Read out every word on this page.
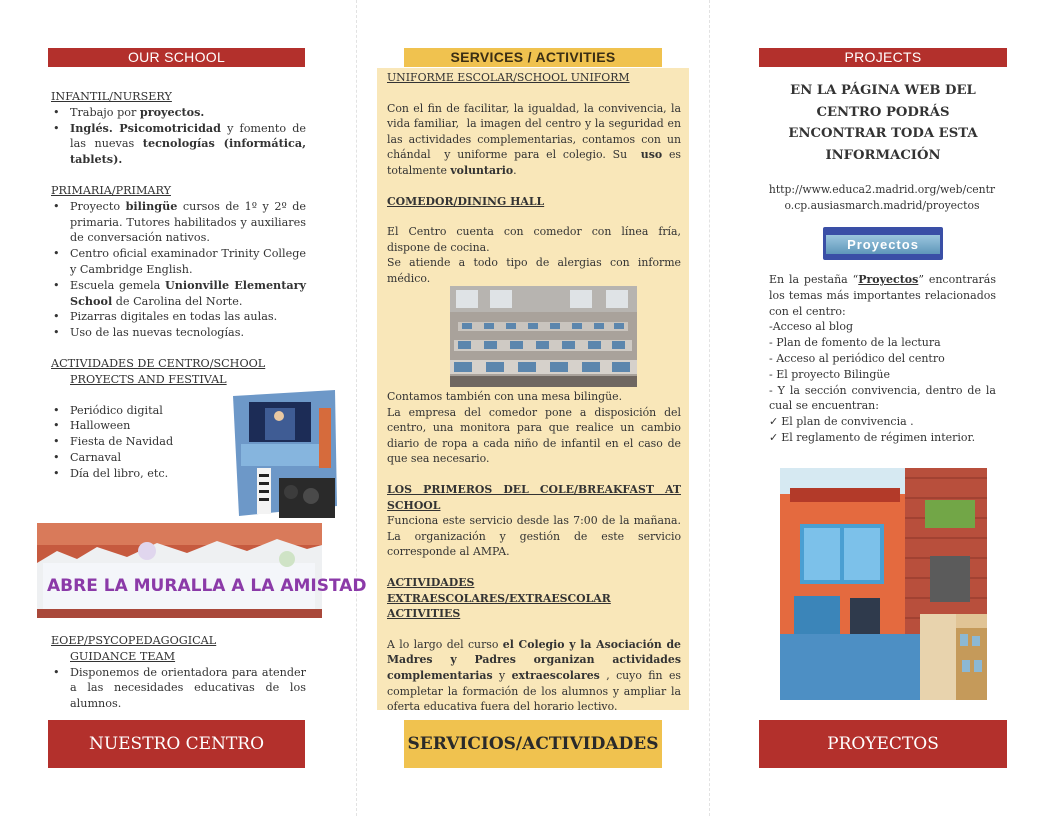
OUR SCHOOL
INFANTIL/NURSERY
• Trabajo por proyectos.
• Inglés. Psicomotricidad y fomento de las nuevas tecnologías (informática, tablets).
PRIMARIA/PRIMARY
• Proyecto bilingüe cursos de 1º y 2º de primaria. Tutores habilitados y auxiliares de conversación nativos.
• Centro oficial examinador Trinity College y Cambridge English.
• Escuela gemela Unionville Elementary School de Carolina del Norte.
• Pizarras digitales en todas las aulas.
• Uso de las nuevas tecnologías.
ACTIVIDADES DE CENTRO/SCHOOL
PROYECTS AND FESTIVAL
• Periódico digital
• Halloween
• Fiesta de Navidad
• Carnaval
• Día del libro, etc.
ABRE LA MURALLA A LA AMISTAD
EOEP/PSYCOPEDAGOGICAL
GUIDANCE TEAM
• Disponemos de orientadora para atender a las necesidades educativas de los alumnos.
NUESTRO CENTRO
SERVICES / ACTIVITIES
UNIFORME ESCOLAR/SCHOOL UNIFORM
Con el fin de facilitar, la igualdad, la convivencia, la vida familiar,  la imagen del centro y la seguridad en las actividades complementarias, contamos con un chándal  y uniforme para el colegio. Su  uso es totalmente voluntario.
COMEDOR/DINING HALL
El Centro cuenta con comedor con línea fría, dispone de cocina.
Se atiende a todo tipo de alergias con informe médico.
Contamos también con una mesa bilingüe.
La empresa del comedor pone a disposición del centro, una monitora para que realice un cambio diario de ropa a cada niño de infantil en el caso de que sea necesario.
LOS PRIMEROS DEL COLE/BREAKFAST AT SCHOOL
Funciona este servicio desde las 7:00 de la mañana. La organización y gestión de este servicio corresponde al AMPA.
ACTIVIDADES
EXTRAESCOLARES/EXTRAESCOLAR ACTIVITIES
A lo largo del curso el Colegio y la Asociación de Madres y Padres organizan actividades complementarias y extraescolares , cuyo fin es completar la formación de los alumnos y ampliar la oferta educativa fuera del horario lectivo.
SERVICIOS/ACTIVIDADES
PROJECTS
EN LA PÁGINA WEB DEL CENTRO PODRÁS ENCONTRAR TODA ESTA INFORMACIÓN
http://www.educa2.madrid.org/web/centro.cp.ausiasmarch.madrid/proyectos
Proyectos
En la pestaña “Proyectos” encontrarás los temas más importantes relacionados con el centro:
-Acceso al blog
- Plan de fomento de la lectura
- Acceso al periódico del centro
- El proyecto Bilingüe
- Y la sección convivencia, dentro de la cual se encuentran:
✓ El plan de convivencia .
✓ El reglamento de régimen interior.
PROYECTOS
